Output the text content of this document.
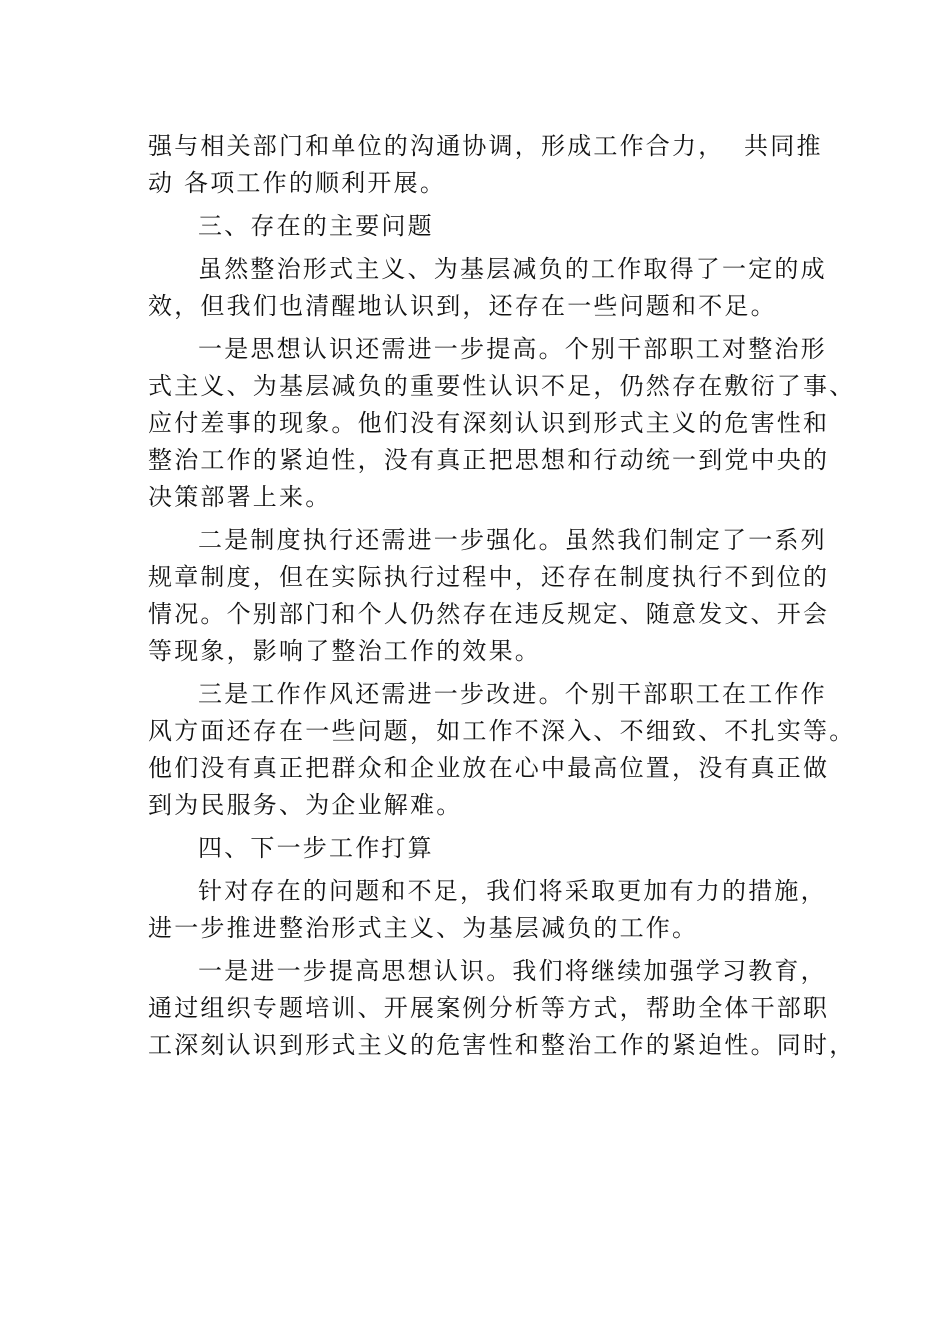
强与相关部门和单位的沟通协调，形成工作合力，  共同推
动 各项工作的顺利开展。
三、存在的主要问题
虽然整治形式主义、为基层减负的工作取得了一定的成
效，但我们也清醒地认识到，还存在一些问题和不足。
一是思想认识还需进一步提高。个别干部职工对整治形
式主义、为基层减负的重要性认识不足，仍然存在敷衍了事、
应付差事的现象。他们没有深刻认识到形式主义的危害性和
整治工作的紧迫性，没有真正把思想和行动统一到党中央的
决策部署上来。
二是制度执行还需进一步强化。虽然我们制定了一系列
规章制度，但在实际执行过程中，还存在制度执行不到位的
情况。个别部门和个人仍然存在违反规定、随意发文、开会
等现象，影响了整治工作的效果。
三是工作作风还需进一步改进。个别干部职工在工作作
风方面还存在一些问题，如工作不深入、不细致、不扎实等。
他们没有真正把群众和企业放在心中最高位置，没有真正做
到为民服务、为企业解难。
四、下一步工作打算
针对存在的问题和不足，我们将采取更加有力的措施，
进一步推进整治形式主义、为基层减负的工作。
一是进一步提高思想认识。我们将继续加强学习教育，
通过组织专题培训、开展案例分析等方式，帮助全体干部职
工深刻认识到形式主义的危害性和整治工作的紧迫性。同时，
